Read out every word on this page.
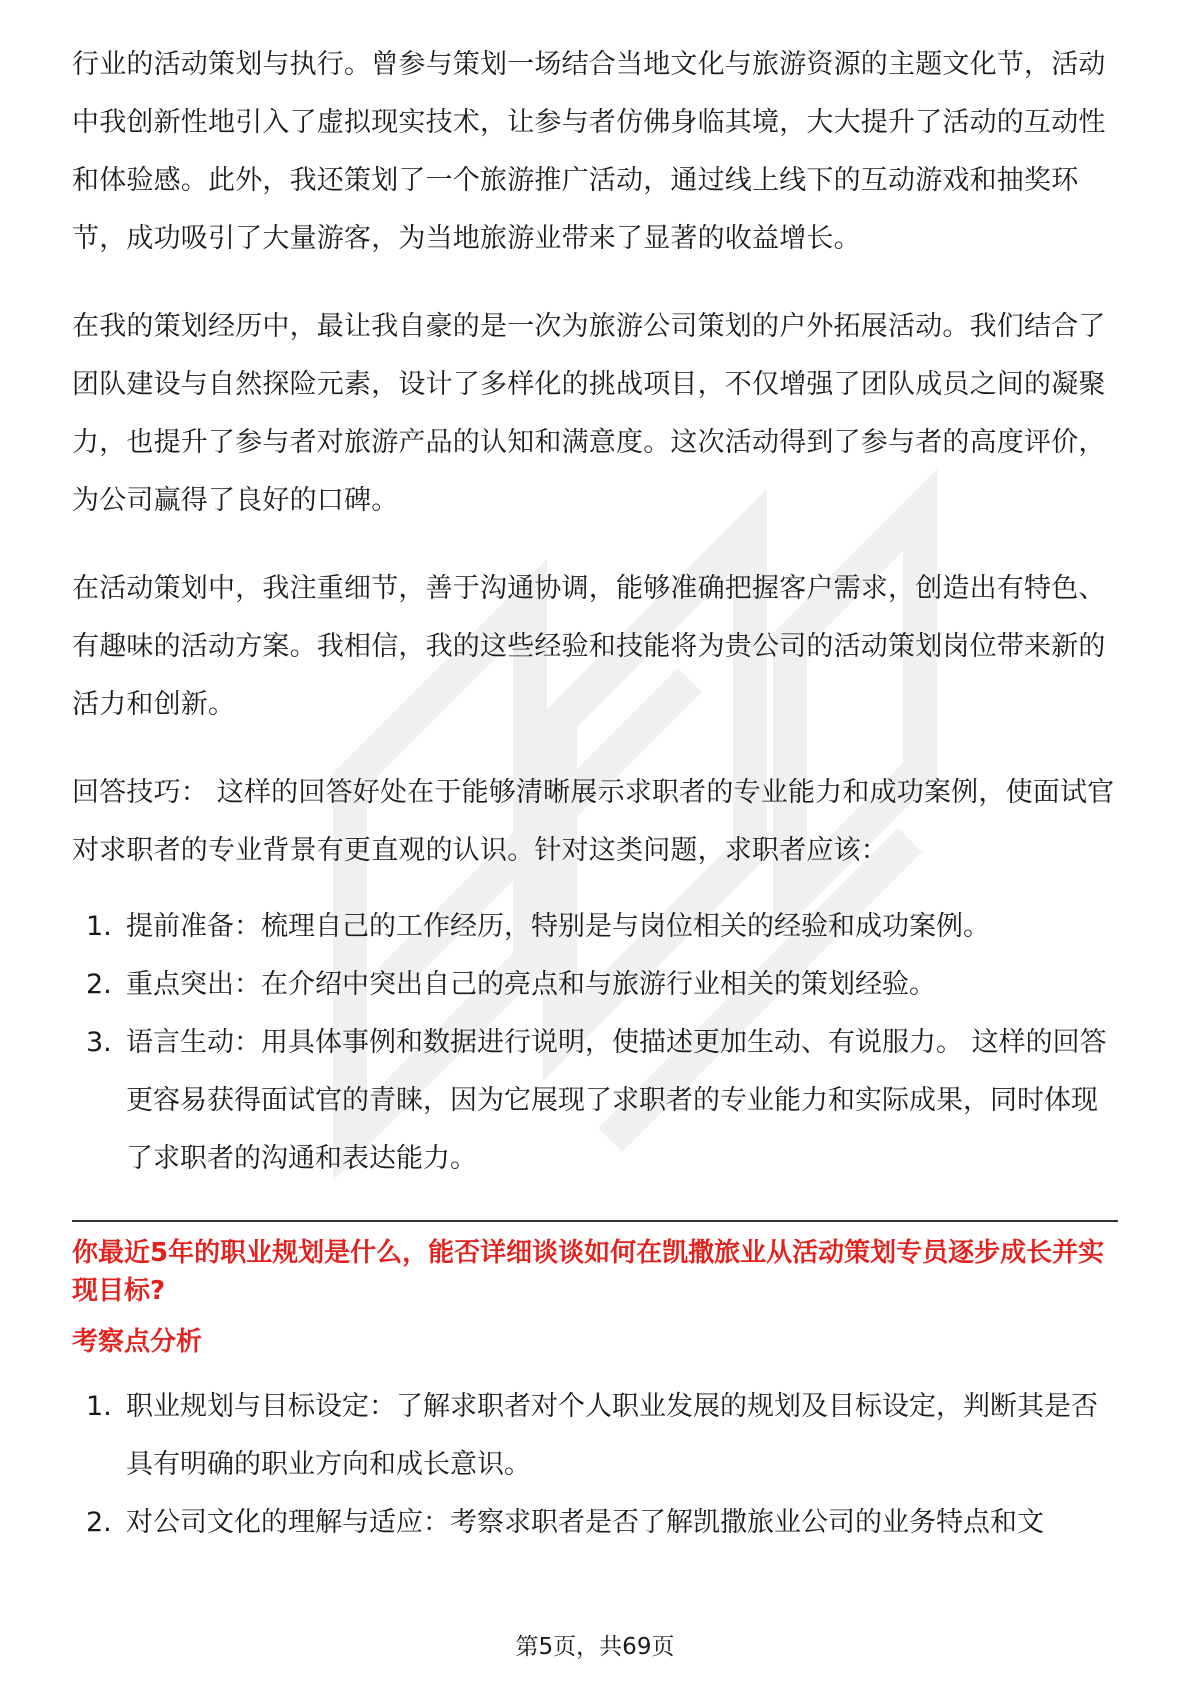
行业的活动策划与执行。曾参与策划一场结合当地文化与旅游资源的主题文化节，活动中我创新性地引入了虚拟现实技术，让参与者仿佛身临其境，大大提升了活动的互动性和体验感。此外，我还策划了一个旅游推广活动，通过线上线下的互动游戏和抽奖环节，成功吸引了大量游客，为当地旅游业带来了显著的收益增长。

在我的策划经历中，最让我自豪的是一次为旅游公司策划的户外拓展活动。我们结合了团队建设与自然探险元素，设计了多样化的挑战项目，不仅增强了团队成员之间的凝聚力，也提升了参与者对旅游产品的认知和满意度。这次活动得到了参与者的高度评价，为公司赢得了良好的口碑。

在活动策划中，我注重细节，善于沟通协调，能够准确把握客户需求，创造出有特色、有趣味的活动方案。我相信，我的这些经验和技能将为贵公司的活动策划岗位带来新的活力和创新。

回答技巧： 这样的回答好处在于能够清晰展示求职者的专业能力和成功案例，使面试官对求职者的专业背景有更直观的认识。针对这类问题，求职者应该：

1. 提前准备：梳理自己的工作经历，特别是与岗位相关的经验和成功案例。
2. 重点突出：在介绍中突出自己的亮点和与旅游行业相关的策划经验。
3. 语言生动：用具体事例和数据进行说明，使描述更加生动、有说服力。 这样的回答更容易获得面试官的青睐，因为它展现了求职者的专业能力和实际成果，同时体现了求职者的沟通和表达能力。
你最近5年的职业规划是什么，能否详细谈谈如何在凯撒旅业从活动策划专员逐步成长并实现目标?
考察点分析
1. 职业规划与目标设定：了解求职者对个人职业发展的规划及目标设定，判断其是否具有明确的职业方向和成长意识。
2. 对公司文化的理解与适应：考察求职者是否了解凯撒旅业公司的业务特点和文
第5页，共69页
